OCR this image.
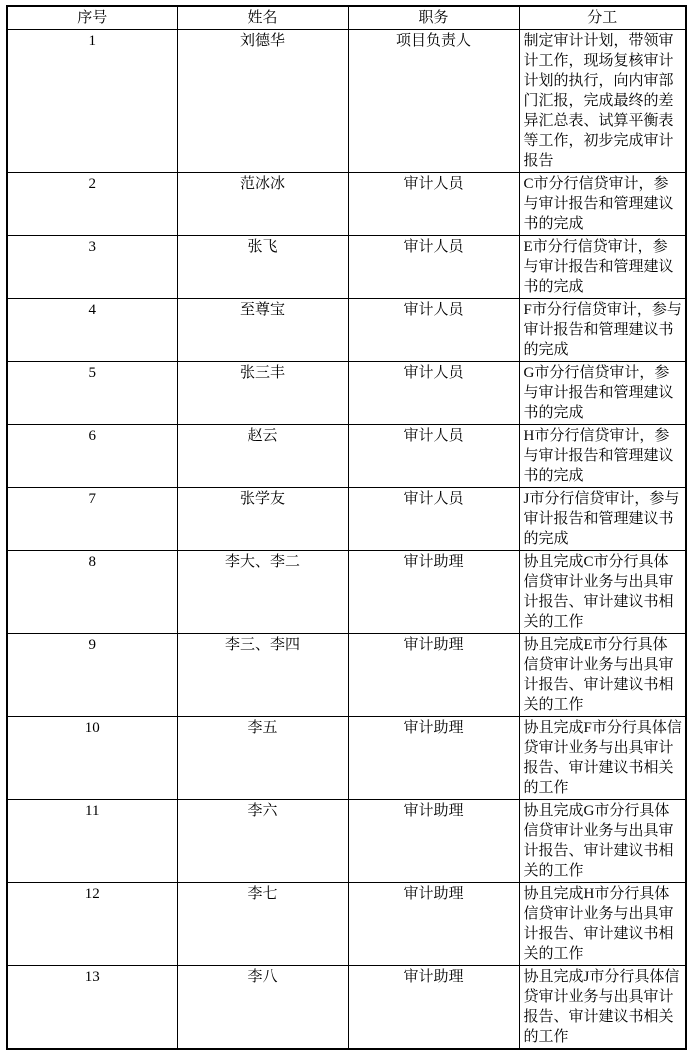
序号	姓名	职务	分工
1	刘德华	项目负责人	制定审计计划，带领审计工作，现场复核审计计划的执行，向内审部门汇报，完成最终的差异汇总表、试算平衡表等工作，初步完成审计报告
2	范冰冰	审计人员	C市分行信贷审计，参与审计报告和管理建议书的完成
3	张飞	审计人员	E市分行信贷审计，参与审计报告和管理建议书的完成
4	至尊宝	审计人员	F市分行信贷审计，参与审计报告和管理建议书的完成
5	张三丰	审计人员	G市分行信贷审计，参与审计报告和管理建议书的完成
6	赵云	审计人员	H市分行信贷审计，参与审计报告和管理建议书的完成
7	张学友	审计人员	J市分行信贷审计，参与审计报告和管理建议书的完成
8	李大、李二	审计助理	协且完成C市分行具体信贷审计业务与出具审计报告、审计建议书相关的工作
9	李三、李四	审计助理	协且完成E市分行具体信贷审计业务与出具审计报告、审计建议书相关的工作
10	李五	审计助理	协且完成F市分行具体信贷审计业务与出具审计报告、审计建议书相关的工作
11	李六	审计助理	协且完成G市分行具体信贷审计业务与出具审计报告、审计建议书相关的工作
12	李七	审计助理	协且完成H市分行具体信贷审计业务与出具审计报告、审计建议书相关的工作
13	李八	审计助理	协且完成J市分行具体信贷审计业务与出具审计报告、审计建议书相关的工作
